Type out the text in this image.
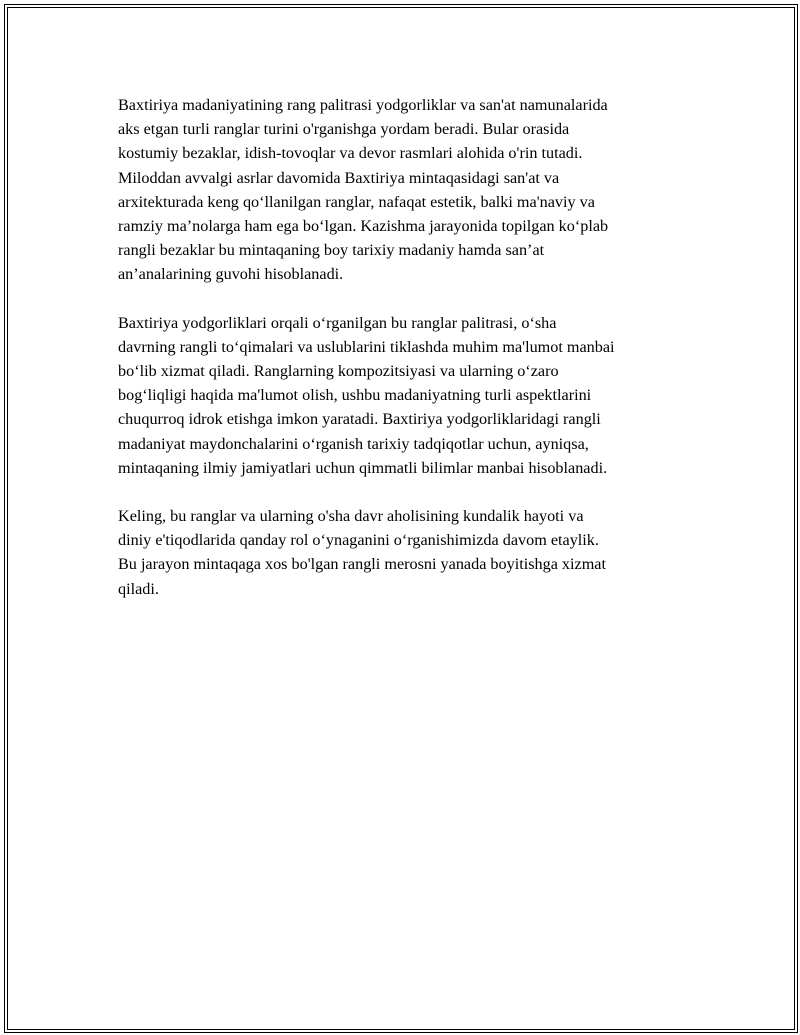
Baxtiriya madaniyatining rang palitrasi yodgorliklar va san'at namunalarida
aks etgan turli ranglar turini o'rganishga yordam beradi. Bular orasida
kostumiy bezaklar, idish-tovoqlar va devor rasmlari alohida o'rin tutadi.
Miloddan avvalgi asrlar davomida Baxtiriya mintaqasidagi san'at va
arxitekturada keng qoʻllanilgan ranglar, nafaqat estetik, balki ma'naviy va
ramziy maʼnolarga ham ega boʻlgan. Kazishma jarayonida topilgan koʻplab
rangli bezaklar bu mintaqaning boy tarixiy madaniy hamda sanʼat
anʼanalarining guvohi hisoblanadi.

Baxtiriya yodgorliklari orqali oʻrganilgan bu ranglar palitrasi, oʻsha
davrning rangli toʻqimalari va uslublarini tiklashda muhim ma'lumot manbai
boʻlib xizmat qiladi. Ranglarning kompozitsiyasi va ularning oʻzaro
bogʻliqligi haqida ma'lumot olish, ushbu madaniyatning turli aspektlarini
chuqurroq idrok etishga imkon yaratadi. Baxtiriya yodgorliklaridagi rangli
madaniyat maydonchalarini oʻrganish tarixiy tadqiqotlar uchun, ayniqsa,
mintaqaning ilmiy jamiyatlari uchun qimmatli bilimlar manbai hisoblanadi.

Keling, bu ranglar va ularning o'sha davr aholisining kundalik hayoti va
diniy e'tiqodlarida qanday rol oʻynaganini oʻrganishimizda davom etaylik.
Bu jarayon mintaqaga xos bo'lgan rangli merosni yanada boyitishga xizmat
qiladi.
